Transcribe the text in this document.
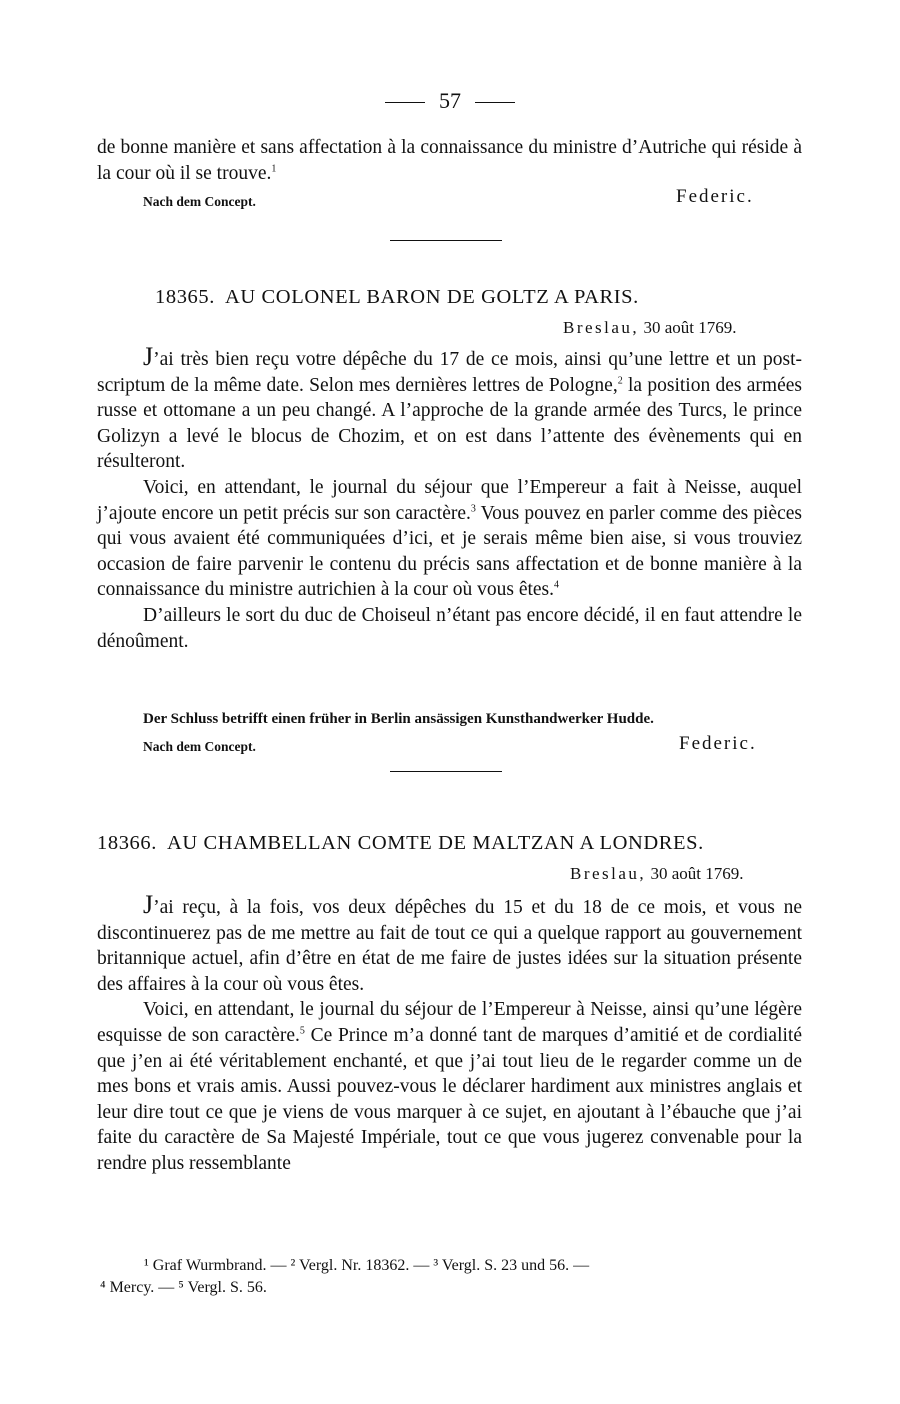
57

de bonne manière et sans affectation à la connaissance du ministre d’Autriche qui réside à la cour où il se trouve.$^1$

Nach dem Concept.	Federic.
18365. AU COLONEL BARON DE GOLTZ A PARIS.
Breslau, 30 août 1769.

J’ai très bien reçu votre dépêche du 17 de ce mois, ainsi qu’une lettre et un post-scriptum de la même date. Selon mes dernières lettres de Pologne,$^2$ la position des armées russe et ottomane a un peu changé. A l’approche de la grande armée des Turcs, le prince Golizyn a levé le blocus de Chozim, et on est dans l’attente des évènements qui en résulteront.

Voici, en attendant, le journal du séjour que l’Empereur a fait à Neisse, auquel j’ajoute encore un petit précis sur son caractère.$^3$ Vous pouvez en parler comme des pièces qui vous avaient été communiquées d’ici, et je serais même bien aise, si vous trouviez occasion de faire parvenir le contenu du précis sans affectation et de bonne manière à la connaissance du ministre autrichien à la cour où vous êtes.$^4$

D’ailleurs le sort du duc de Choiseul n’étant pas encore décidé, il en faut attendre le dénoûment.

Der Schluss betrifft einen früher in Berlin ansässigen Kunsthandwerker Hudde.
Nach dem Concept.	Federic.
18366. AU CHAMBELLAN COMTE DE MALTZAN A LONDRES.
Breslau, 30 août 1769.

J’ai reçu, à la fois, vos deux dépêches du 15 et du 18 de ce mois, et vous ne discontinuerez pas de me mettre au fait de tout ce qui a quelque rapport au gouvernement britannique actuel, afin d’être en état de me faire de justes idées sur la situation présente des affaires à la cour où vous êtes.

Voici, en attendant, le journal du séjour de l’Empereur à Neisse, ainsi qu’une légère esquisse de son caractère.$^5$ Ce Prince m’a donné tant de marques d’amitié et de cordialité que j’en ai été véritablement enchanté, et que j’ai tout lieu de le regarder comme un de mes bons et vrais amis. Aussi pouvez-vous le déclarer hardiment aux ministres anglais et leur dire tout ce que je viens de vous marquer à ce sujet, en ajoutant à l’ébauche que j’ai faite du caractère de Sa Majesté Impériale, tout ce que vous jugerez convenable pour la rendre plus ressemblante

¹ Graf Wurmbrand. — ² Vergl. Nr. 18362. — ³ Vergl. S. 23 und 56. —

⁴ Mercy. — ⁵ Vergl. S. 56.
